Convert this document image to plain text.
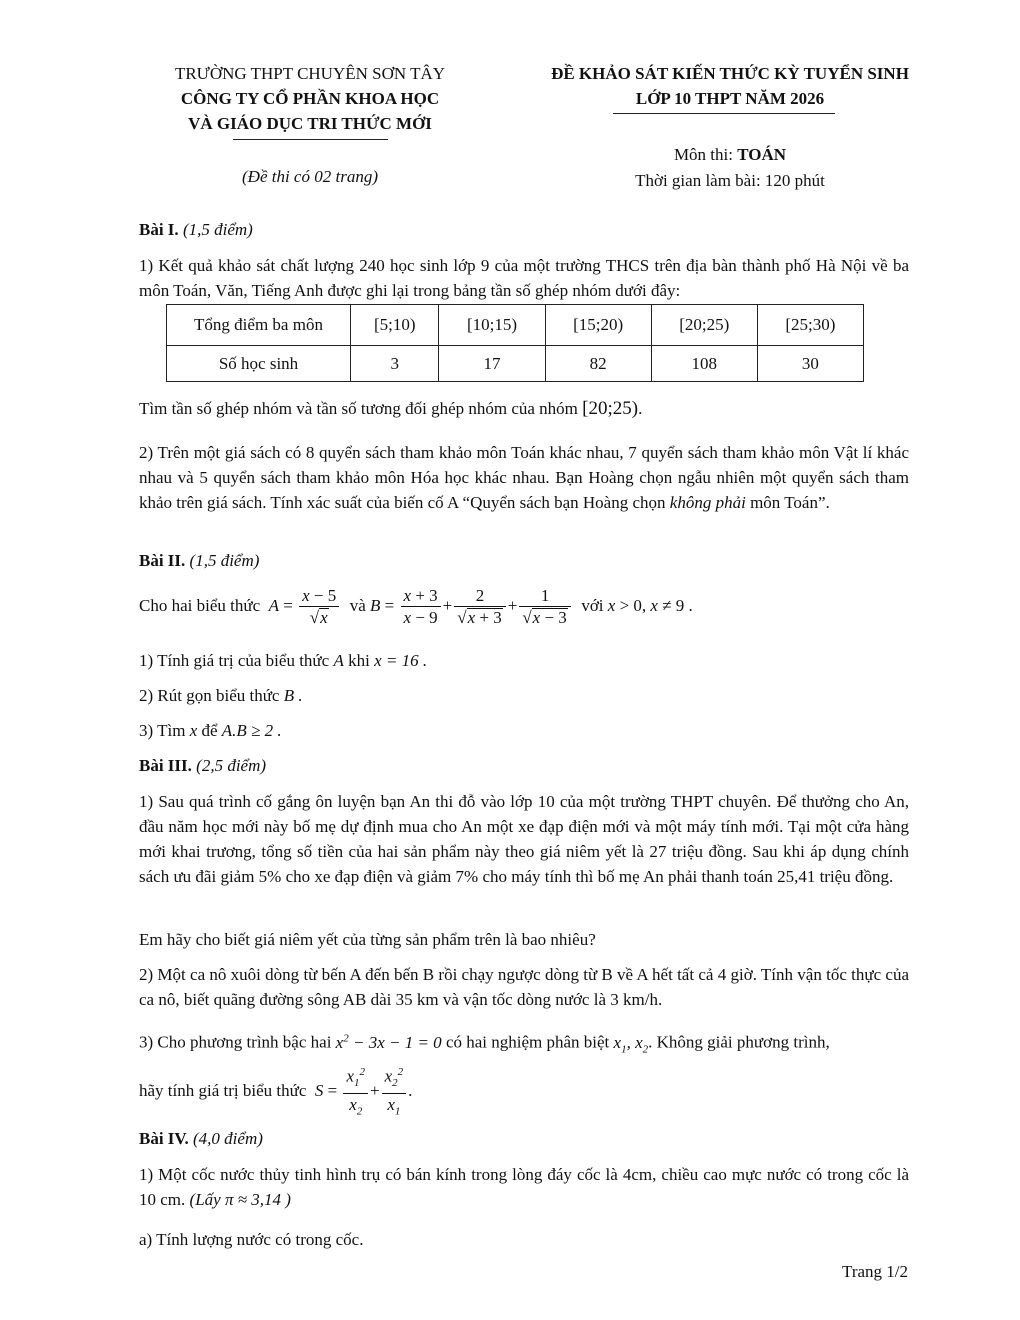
TRƯỜNG THPT CHUYÊN SƠN TÂY
CÔNG TY CỔ PHẦN KHOA HỌC
VÀ GIÁO DỤC TRI THỨC MỚI
(Đề thi có 02 trang)
ĐỀ KHẢO SÁT KIẾN THỨC KỲ TUYỂN SINH
LỚP 10 THPT NĂM 2026
Môn thi: TOÁN
Thời gian làm bài: 120 phút
Bài I. (1,5 điểm)
1) Kết quả khảo sát chất lượng 240 học sinh lớp 9 của một trường THCS trên địa bàn thành phố Hà Nội về ba môn Toán, Văn, Tiếng Anh được ghi lại trong bảng tần số ghép nhóm dưới đây:
Tổng điểm ba môn	[5;10)	[10;15)	[15;20)	[20;25)	[25;30)
Số học sinh	3	17	82	108	30
Tìm tần số ghép nhóm và tần số tương đối ghép nhóm của nhóm [20;25).
2) Trên một giá sách có 8 quyển sách tham khảo môn Toán khác nhau, 7 quyển sách tham khảo môn Vật lí khác nhau và 5 quyển sách tham khảo môn Hóa học khác nhau. Bạn Hoàng chọn ngẫu nhiên một quyển sách tham khảo trên giá sách. Tính xác suất của biến cố A “Quyển sách bạn Hoàng chọn không phải môn Toán”.
Bài II. (1,5 điểm)
Cho hai biểu thức  $A = \frac{x - 5}{√x}$ và $B = \frac{x + 3}{x - 9} + \frac{2}{√x + 3} + \frac{1}{√x - 3}$ với x > 0, x ≠ 9 .
1) Tính giá trị của biểu thức A khi x = 16 .
2) Rút gọn biểu thức B .
3) Tìm x để A.B ≥ 2 .
Bài III. (2,5 điểm)
1) Sau quá trình cố gắng ôn luyện bạn An thi đỗ vào lớp 10 của một trường THPT chuyên. Để thưởng cho An, đầu năm học mới này bố mẹ dự định mua cho An một xe đạp điện mới và một máy tính mới. Tại một cửa hàng mới khai trương, tổng số tiền của hai sản phẩm này theo giá niêm yết là 27 triệu đồng. Sau khi áp dụng chính sách ưu đãi giảm 5% cho xe đạp điện và giảm 7% cho máy tính thì bố mẹ An phải thanh toán 25,41 triệu đồng.
Em hãy cho biết giá niêm yết của từng sản phẩm trên là bao nhiêu?
2) Một ca nô xuôi dòng từ bến A đến bến B rồi chạy ngược dòng từ B về A hết tất cả 4 giờ. Tính vận tốc thực của ca nô, biết quãng đường sông AB dài 35 km và vận tốc dòng nước là 3 km/h.
3) Cho phương trình bậc hai $x^2 - 3x - 1 = 0$ có hai nghiệm phân biệt $x_1$, $x_2$. Không giải phương trình,
hãy tính giá trị biểu thức $S = \frac{x_1^2}{x_2} + \frac{x_2^2}{x_1}$ .
Bài IV. (4,0 điểm)
1) Một cốc nước thủy tinh hình trụ có bán kính trong lòng đáy cốc là 4cm, chiều cao mực nước có trong cốc là 10 cm. (Lấy π ≈ 3,14 )
a) Tính lượng nước có trong cốc.
Trang 1/2
